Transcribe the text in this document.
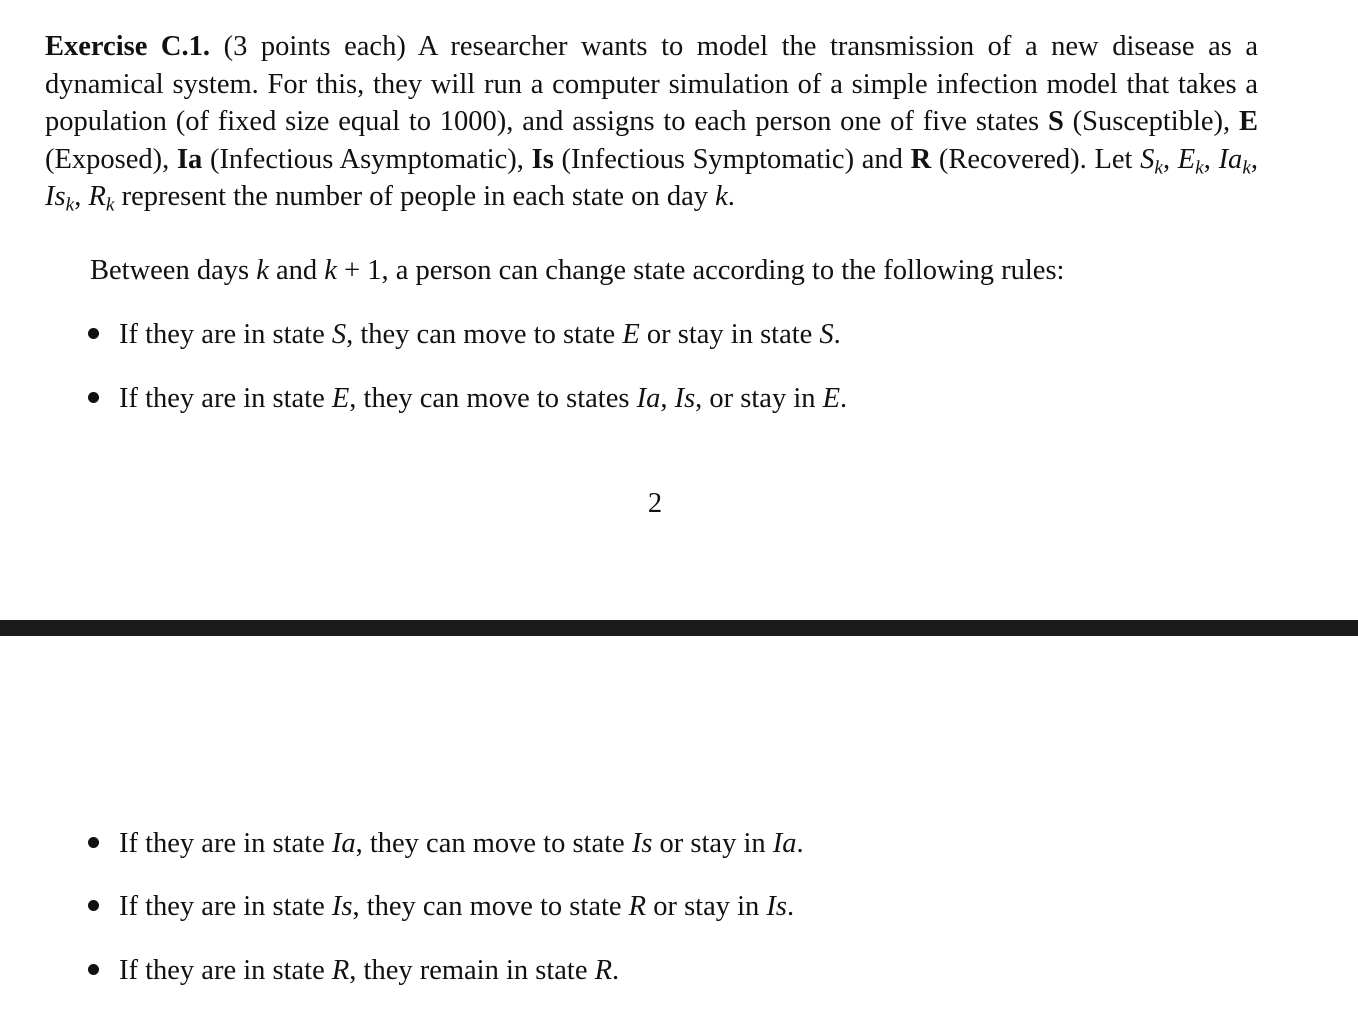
Exercise C.1. (3 points each) A researcher wants to model the transmission of a new disease as a dynamical system. For this, they will run a computer simulation of a simple infection model that takes a population (of fixed size equal to 1000), and assigns to each person one of five states S (Susceptible), E (Exposed), Ia (Infectious Asymptomatic), Is (Infectious Symptomatic) and R (Recovered). Let $S_k$, $E_k$, $Ia_k$, $Is_k$, $R_k$ represent the number of people in each state on day k.

Between days k and k + 1, a person can change state according to the following rules:

If they are in state S, they can move to state E or stay in state S.
If they are in state E, they can move to states Ia, Is, or stay in E.
2
If they are in state Ia, they can move to state Is or stay in Ia.
If they are in state Is, they can move to state R or stay in Is.
If they are in state R, they remain in state R.
